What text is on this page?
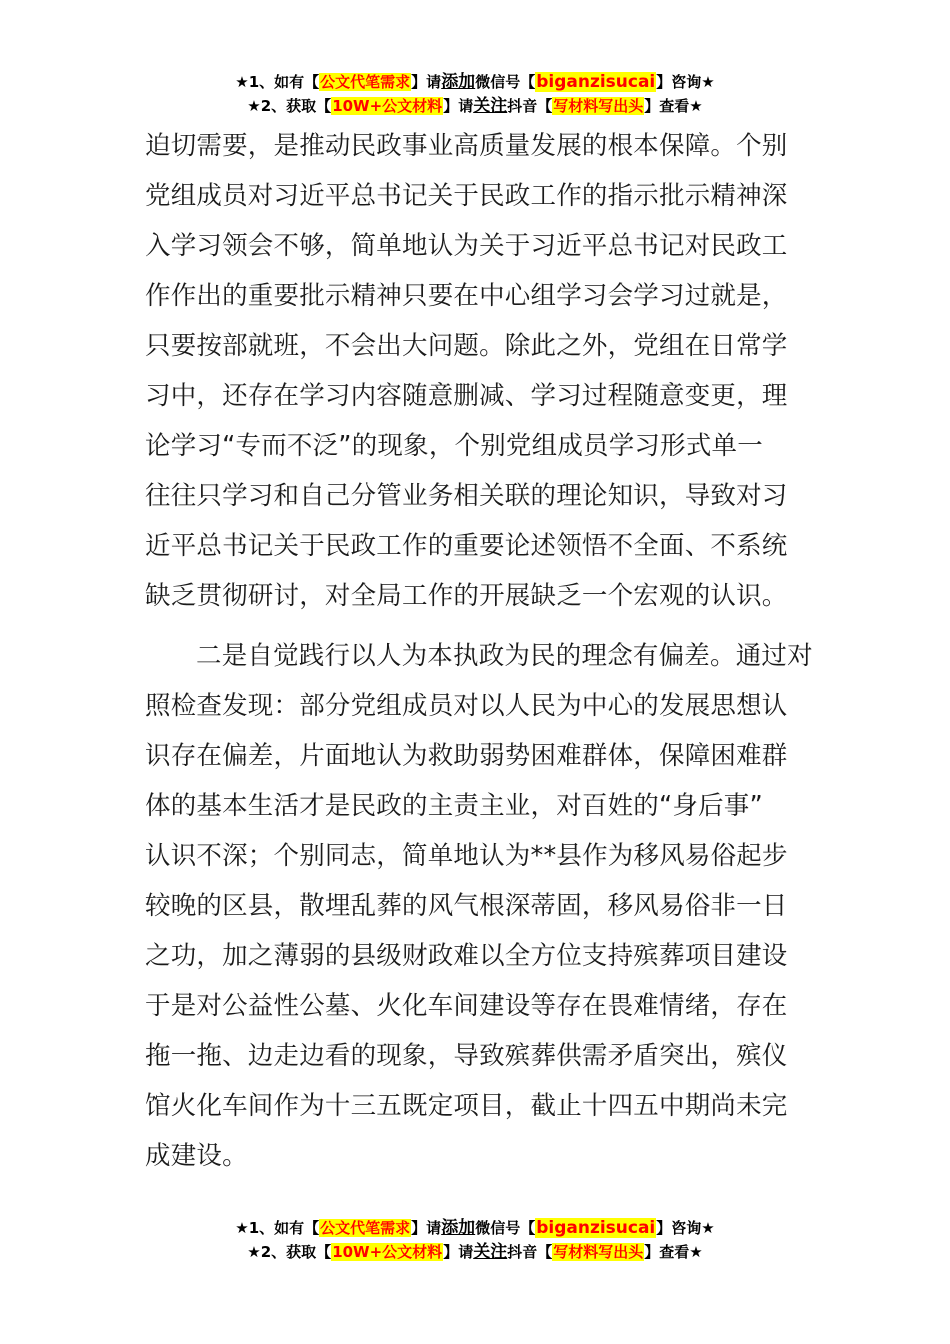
★1、如有【公文代笔需求】请添加微信号【biganzisucai】咨询★
★2、获取【10W+公文材料】请关注抖音【写材料写出头】查看★
迫切需要，是推动民政事业高质量发展的根本保障。个别
党组成员对习近平总书记关于民政工作的指示批示精神深
入学习领会不够，简单地认为关于习近平总书记对民政工
作作出的重要批示精神只要在中心组学习会学习过就是，
只要按部就班，不会出大问题。除此之外，党组在日常学
习中，还存在学习内容随意删减、学习过程随意变更，理
论学习“专而不泛”的现象，个别党组成员学习形式单一
往往只学习和自己分管业务相关联的理论知识，导致对习
近平总书记关于民政工作的重要论述领悟不全面、不系统
缺乏贯彻研讨，对全局工作的开展缺乏一个宏观的认识。
二是自觉践行以人为本执政为民的理念有偏差。通过对
照检查发现：部分党组成员对以人民为中心的发展思想认
识存在偏差，片面地认为救助弱势困难群体，保障困难群
体的基本生活才是民政的主责主业，对百姓的“身后事”
认识不深；个别同志，简单地认为**县作为移风易俗起步
较晚的区县，散埋乱葬的风气根深蒂固，移风易俗非一日
之功，加之薄弱的县级财政难以全方位支持殡葬项目建设
于是对公益性公墓、火化车间建设等存在畏难情绪，存在
拖一拖、边走边看的现象，导致殡葬供需矛盾突出，殡仪
馆火化车间作为十三五既定项目，截止十四五中期尚未完
成建设。
★1、如有【公文代笔需求】请添加微信号【biganzisucai】咨询★
★2、获取【10W+公文材料】请关注抖音【写材料写出头】查看★
